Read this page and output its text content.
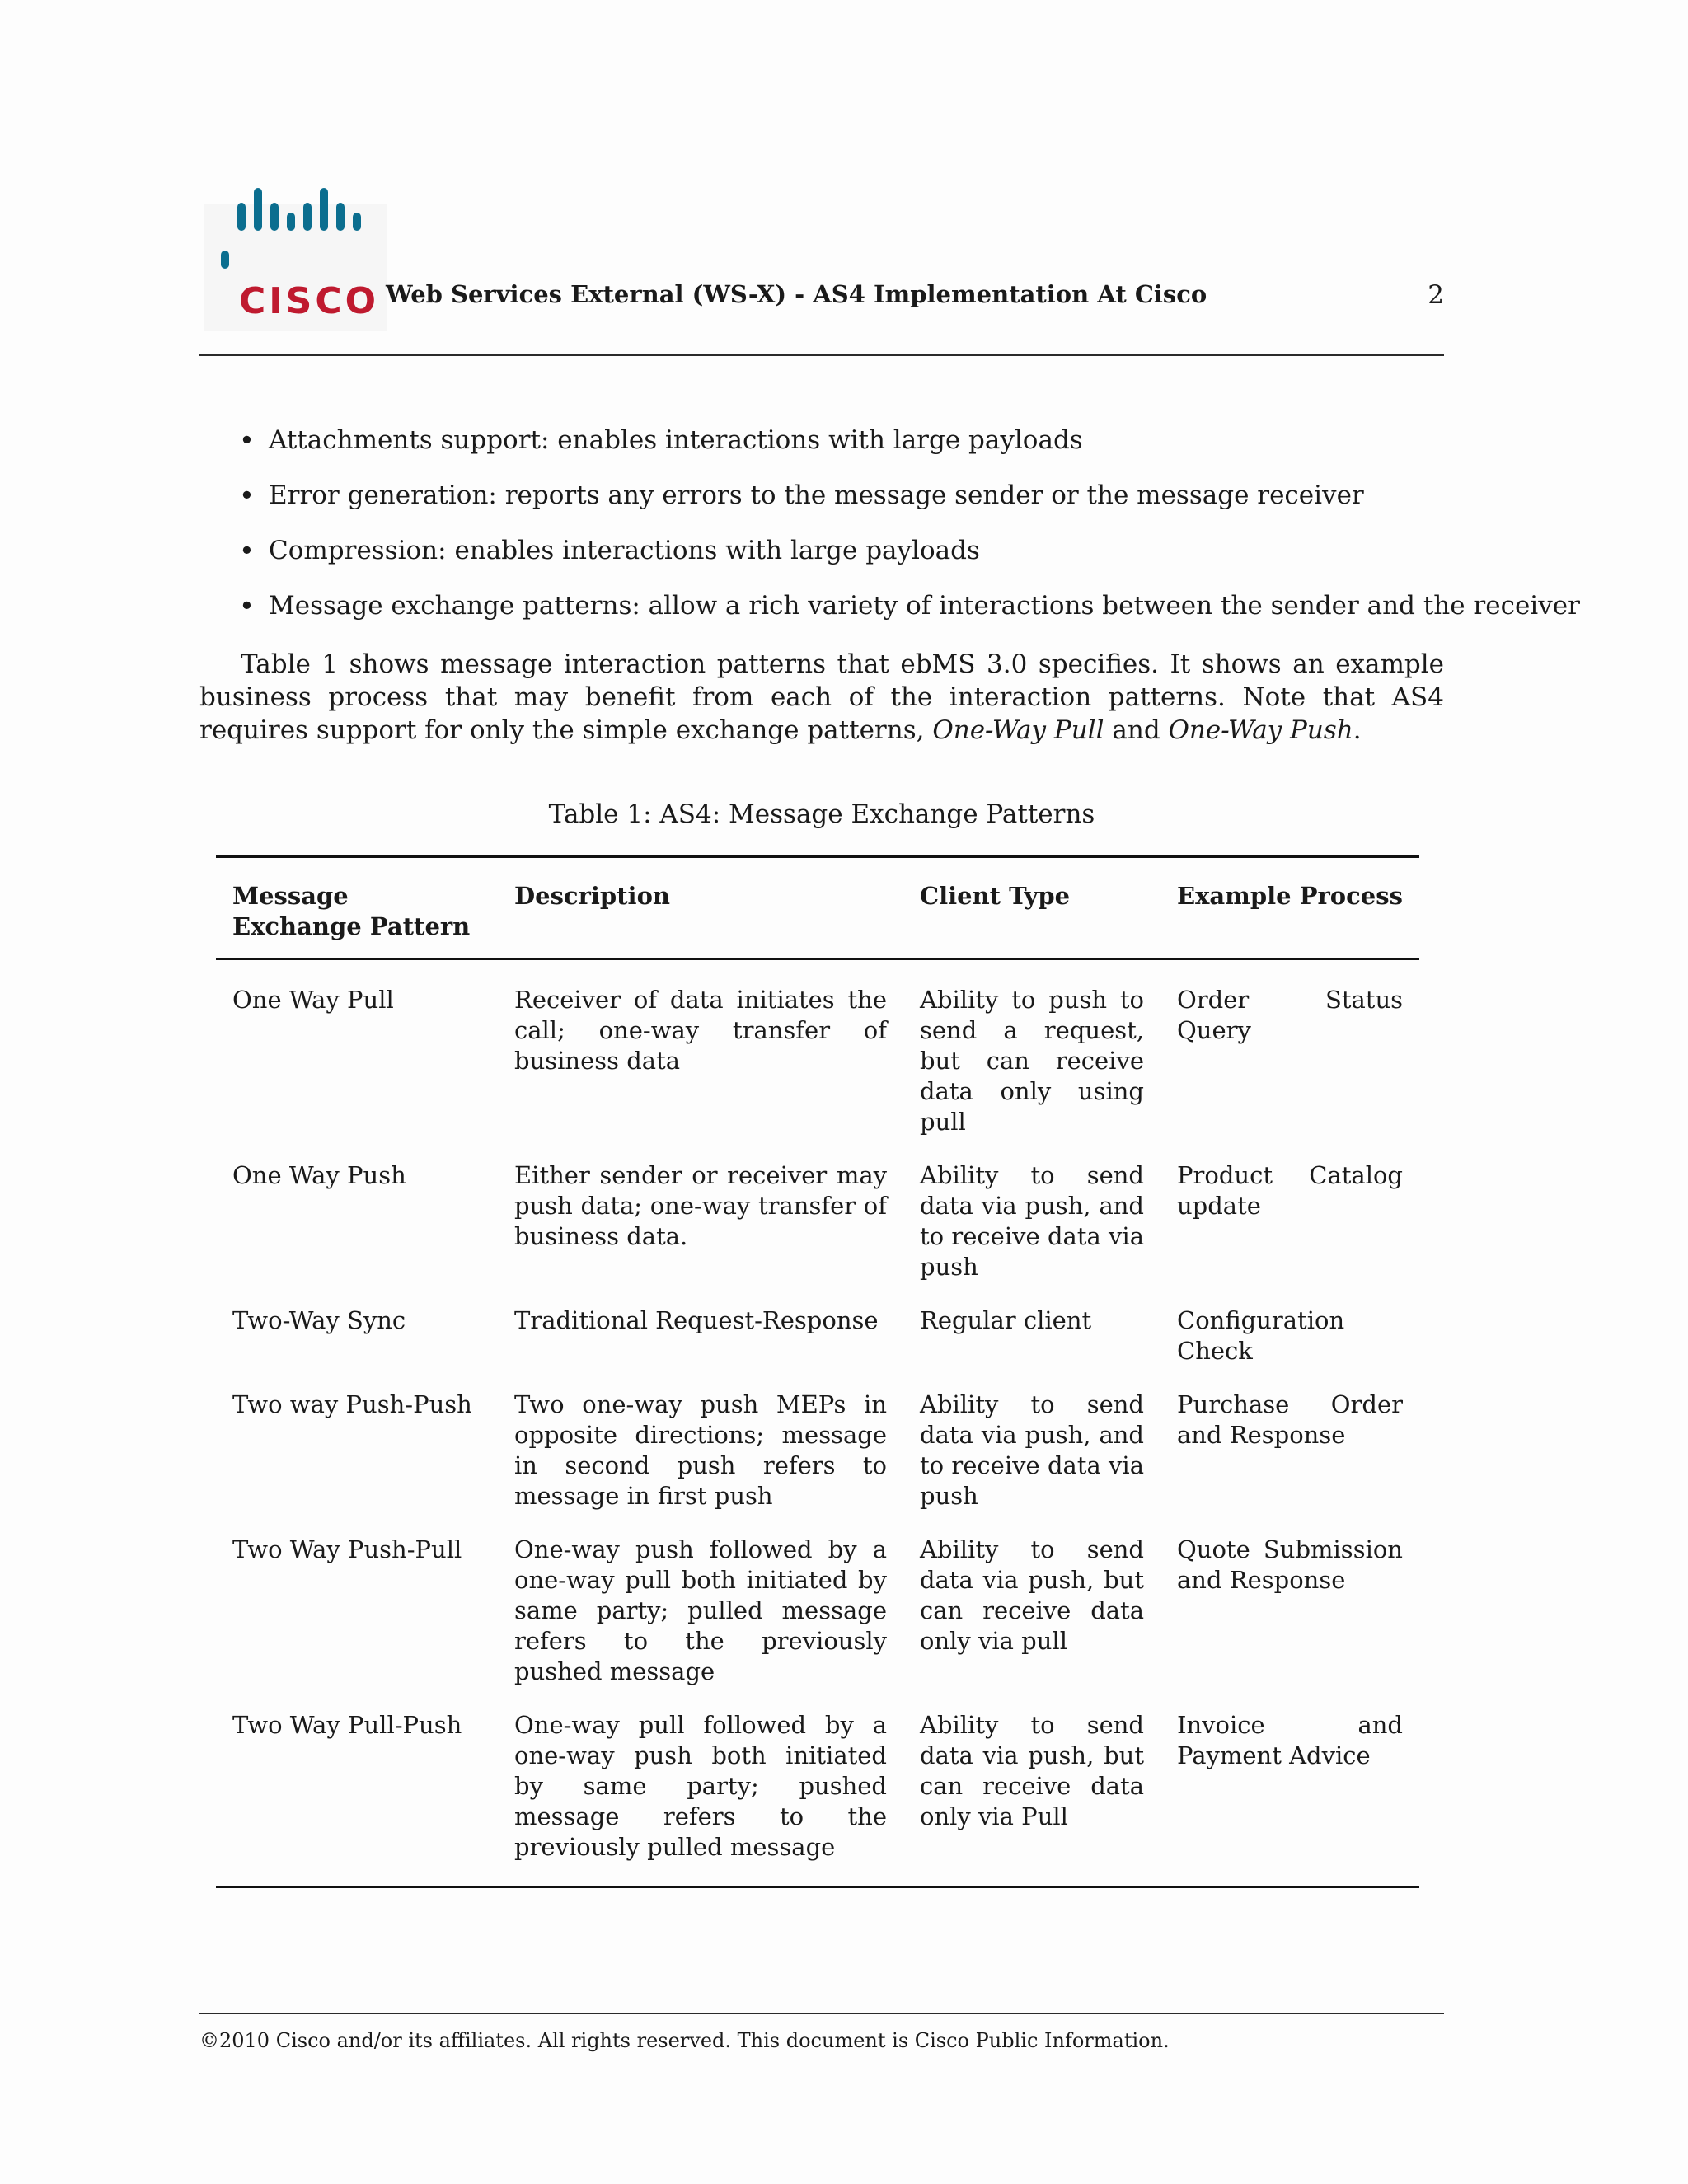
CISCO Web Services External (WS-X) - AS4 Implementation At Cisco	2
• Attachments support: enables interactions with large payloads
• Error generation: reports any errors to the message sender or the message receiver
• Compression: enables interactions with large payloads
• Message exchange patterns: allow a rich variety of interactions between the sender and the receiver

Table 1 shows message interaction patterns that ebMS 3.0 specifies. It shows an example business process that may benefit from each of the interaction patterns. Note that AS4 requires support for only the simple exchange patterns, One-Way Pull and One-Way Push.

Table 1: AS4: Message Exchange Patterns
Message Exchange Pattern	Description	Client Type	Example Process
One Way Pull	Receiver of data initiates the call; one-way transfer of business data	Ability to push to send a request, but can receive data only using pull	Order Status Query
One Way Push	Either sender or receiver may push data; one-way transfer of business data.	Ability to send data via push, and to receive data via push	Product Catalog update
Two-Way Sync	Traditional Request-Response	Regular client	Configuration Check
Two way Push-Push	Two one-way push MEPs in opposite directions; message in second push refers to message in first push	Ability to send data via push, and to receive data via push	Purchase Order and Response
Two Way Push-Pull	One-way push followed by a one-way pull both initiated by same party; pulled message refers to the previously pushed message	Ability to send data via push, but can receive data only via pull	Quote Submission and Response
Two Way Pull-Push	One-way pull followed by a one-way push both initiated by same party; pushed message refers to the previously pulled message	Ability to send data via push, but can receive data only via Pull	Invoice and Payment Advice
©2010 Cisco and/or its affiliates. All rights reserved. This document is Cisco Public Information.
